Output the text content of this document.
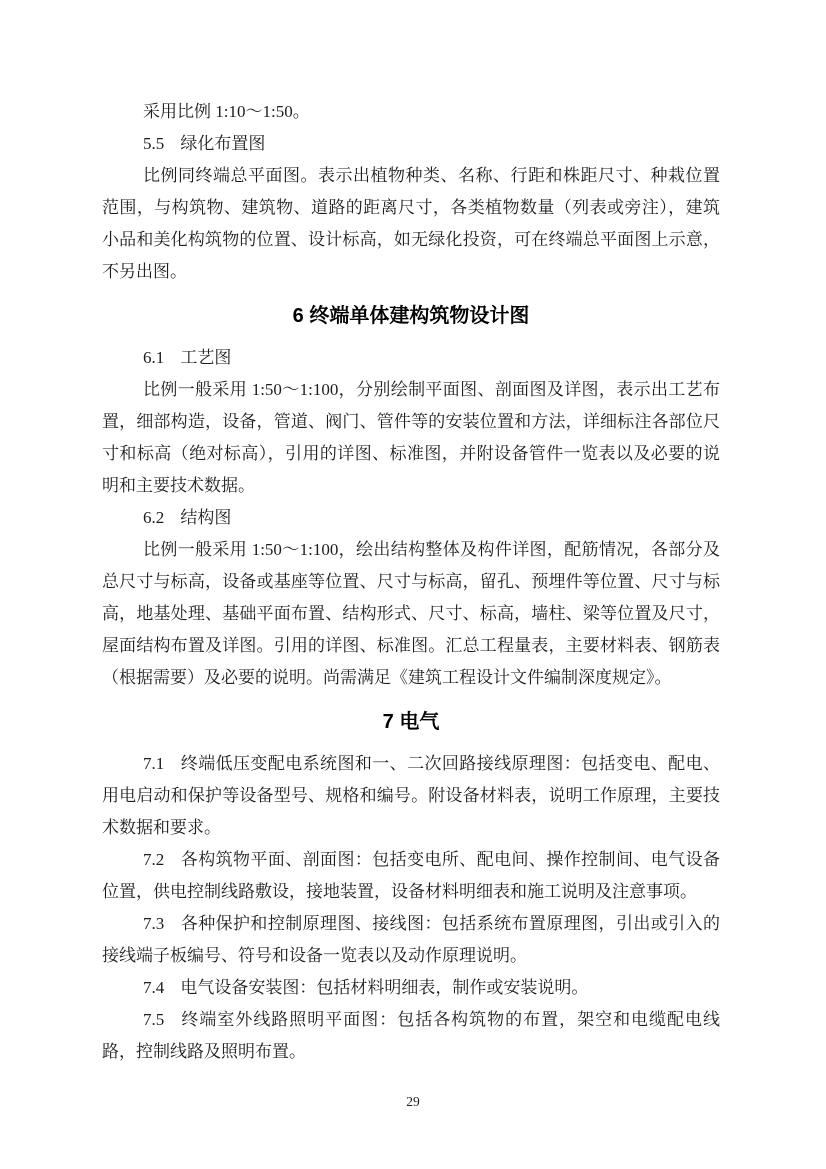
采用比例 1:10～1:50。

5.5 绿化布置图

比例同终端总平面图。表示出植物种类、名称、行距和株距尺寸、种栽位置范围，与构筑物、建筑物、道路的距离尺寸，各类植物数量（列表或旁注），建筑小品和美化构筑物的位置、设计标高，如无绿化投资，可在终端总平面图上示意，不另出图。

6 终端单体建构筑物设计图

6.1 工艺图

比例一般采用 1:50～1:100，分别绘制平面图、剖面图及详图，表示出工艺布置，细部构造，设备，管道、阀门、管件等的安装位置和方法，详细标注各部位尺寸和标高（绝对标高），引用的详图、标准图，并附设备管件一览表以及必要的说明和主要技术数据。

6.2 结构图

比例一般采用 1:50～1:100，绘出结构整体及构件详图，配筋情况，各部分及总尺寸与标高，设备或基座等位置、尺寸与标高，留孔、预埋件等位置、尺寸与标高，地基处理、基础平面布置、结构形式、尺寸、标高，墙柱、梁等位置及尺寸，屋面结构布置及详图。引用的详图、标准图。汇总工程量表，主要材料表、钢筋表（根据需要）及必要的说明。尚需满足《建筑工程设计文件编制深度规定》。

7 电气

7.1 终端低压变配电系统图和一、二次回路接线原理图：包括变电、配电、用电启动和保护等设备型号、规格和编号。附设备材料表，说明工作原理，主要技术数据和要求。

7.2 各构筑物平面、剖面图：包括变电所、配电间、操作控制间、电气设备位置，供电控制线路敷设，接地装置，设备材料明细表和施工说明及注意事项。

7.3 各种保护和控制原理图、接线图：包括系统布置原理图，引出或引入的接线端子板编号、符号和设备一览表以及动作原理说明。

7.4 电气设备安装图：包括材料明细表，制作或安装说明。

7.5 终端室外线路照明平面图：包括各构筑物的布置，架空和电缆配电线路，控制线路及照明布置。

29
